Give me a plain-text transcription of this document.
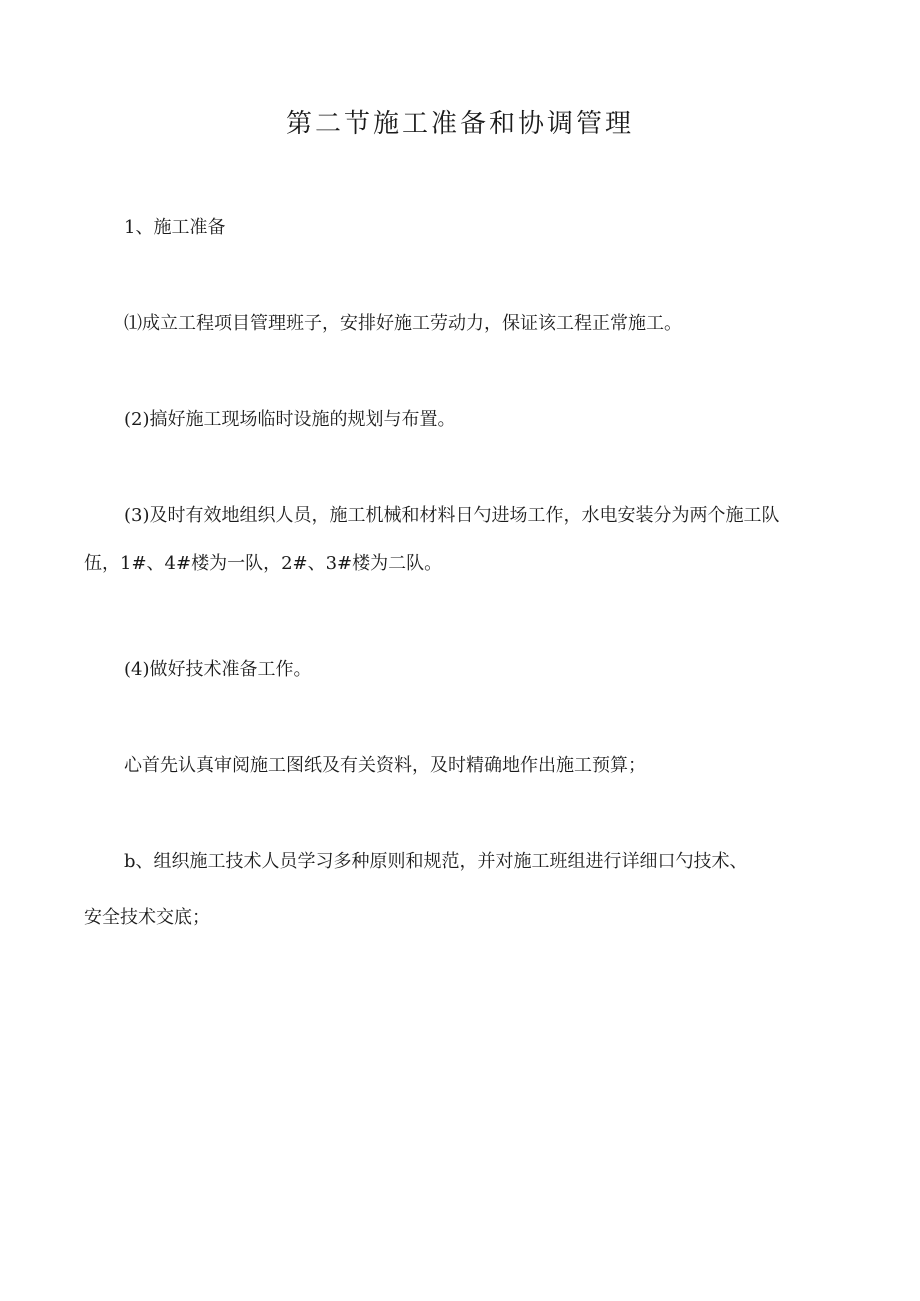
第二节施工准备和协调管理
1、施工准备
⑴成立工程项目管理班子，安排好施工劳动力，保证该工程正常施工。
(2)搞好施工现场临时设施的规划与布置。
(3)及时有效地组织人员，施工机械和材料日勺进场工作，水电安装分为两个施工队
伍，1#、4#楼为一队，2#、3#楼为二队。
(4)做好技术准备工作。
心首先认真审阅施工图纸及有关资料，及时精确地作出施工预算；
b、组织施工技术人员学习多种原则和规范，并对施工班组进行详细口勺技术、
安全技术交底；
